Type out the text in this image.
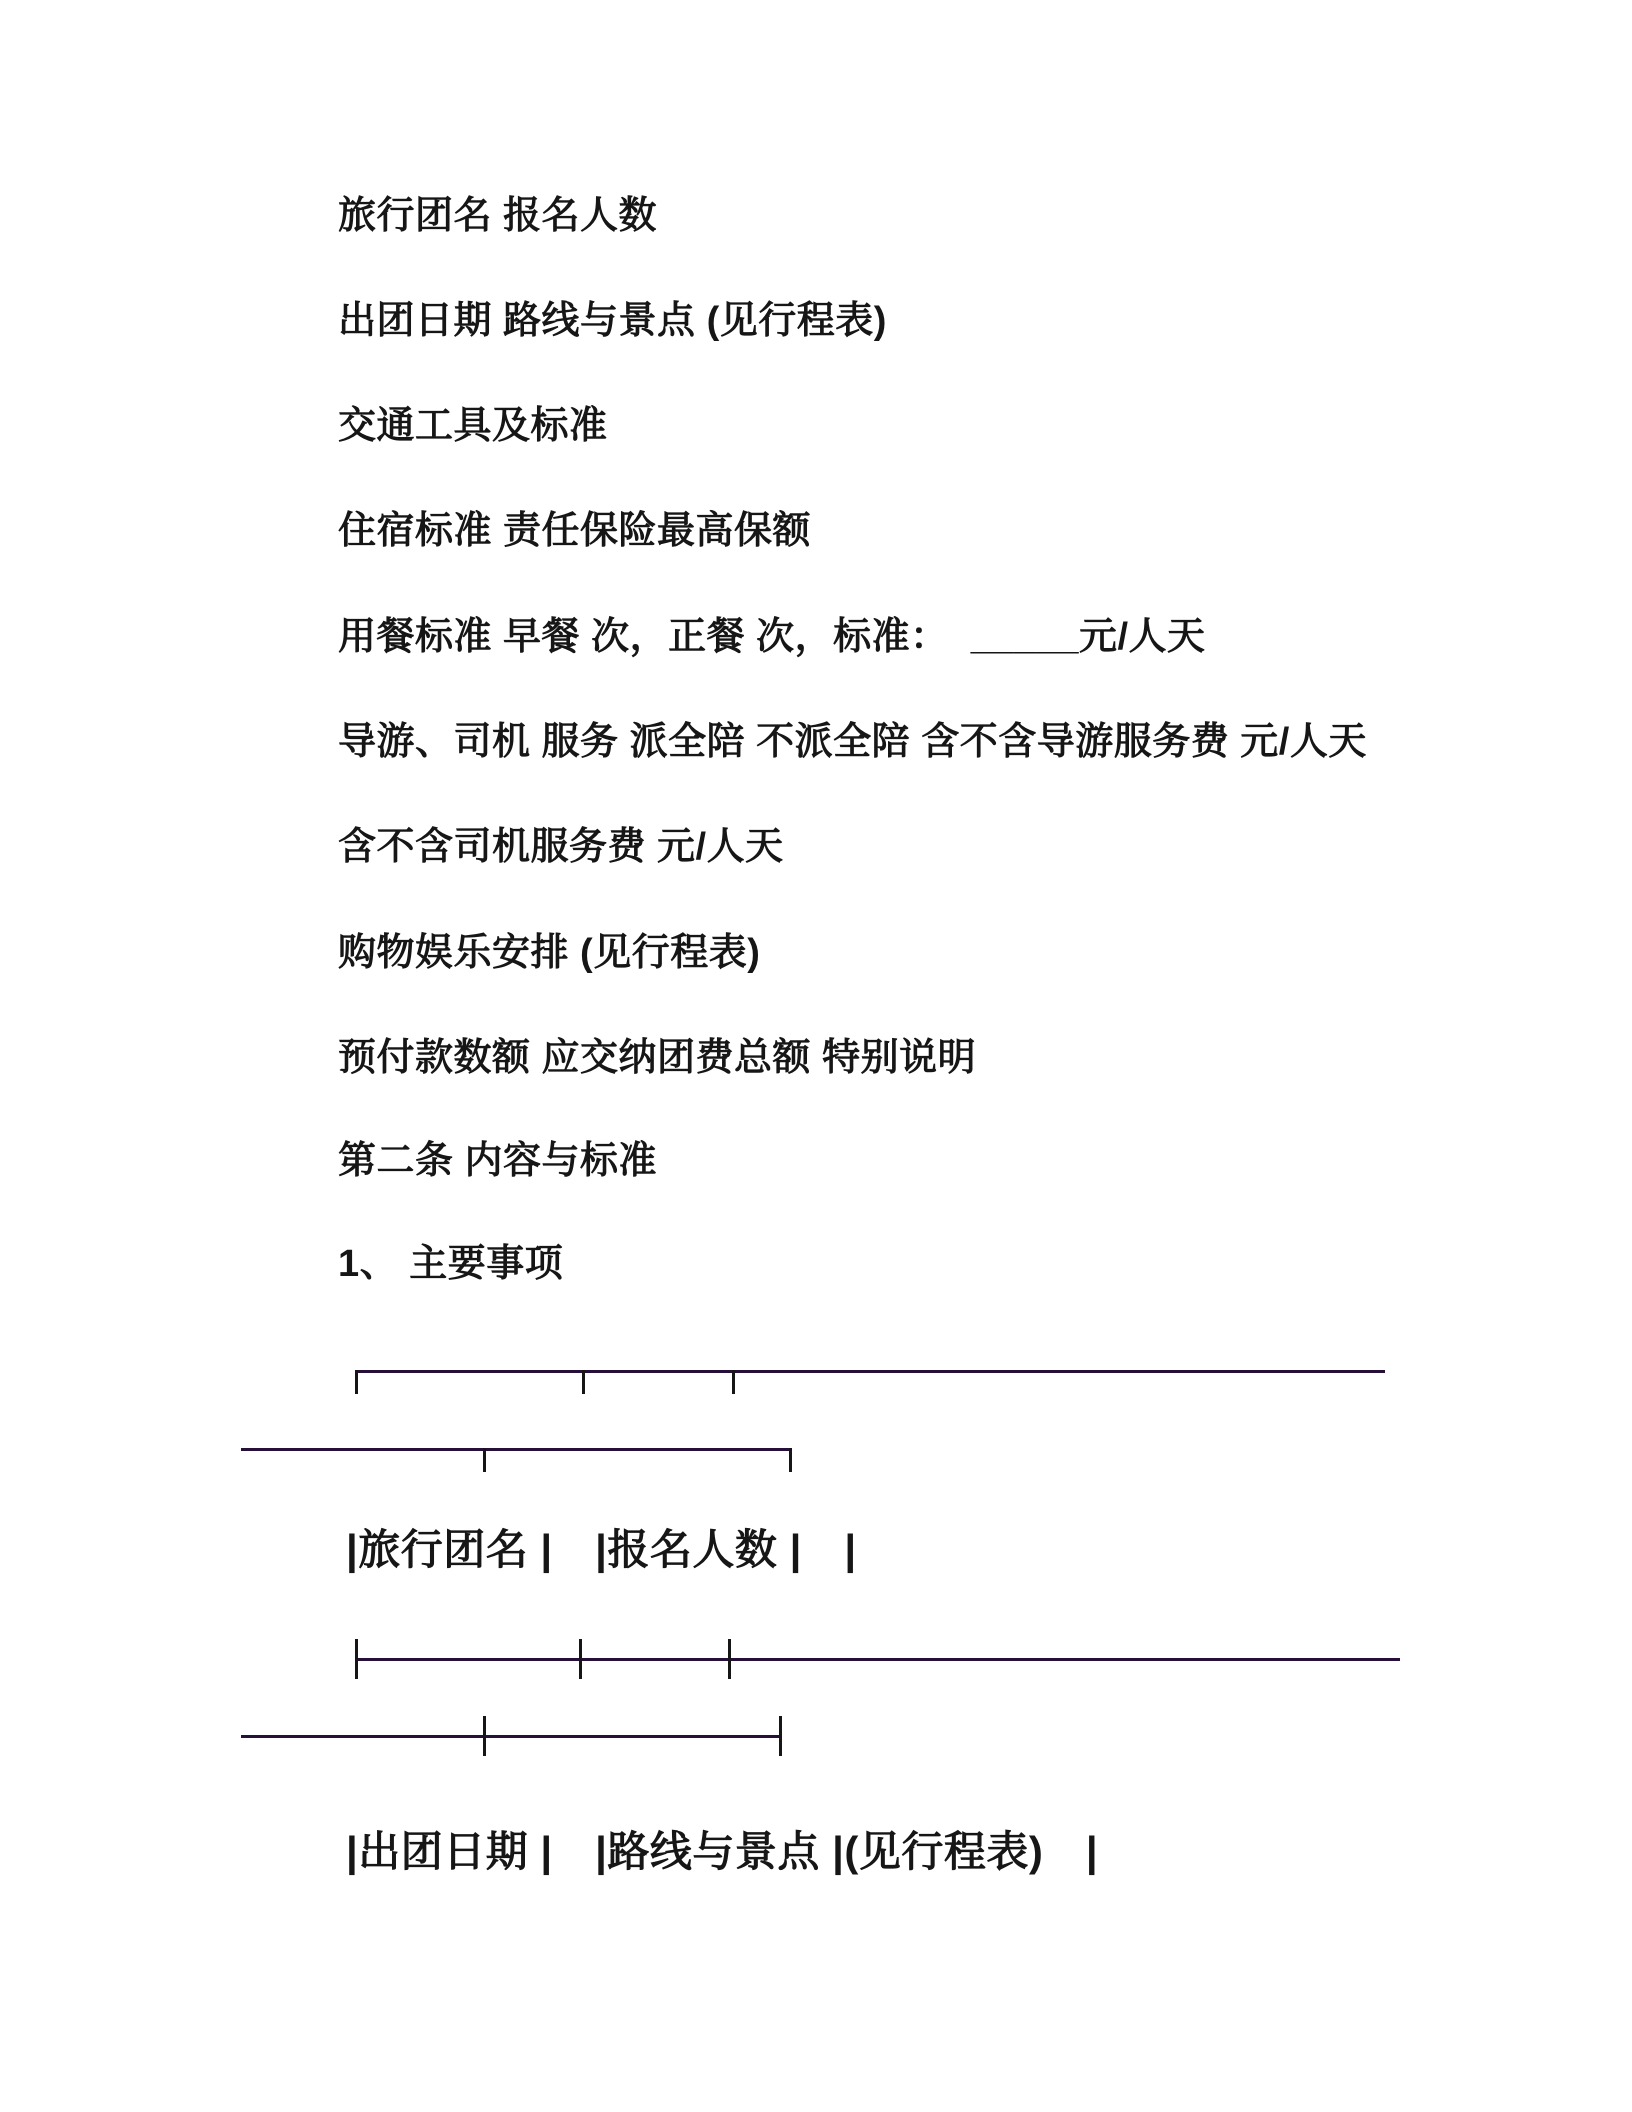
旅行团名 报名人数
出团日期 路线与景点 (见行程表)
交通工具及标准
住宿标准 责任保险最高保额
用餐标准 早餐 次，正餐 次，标准：  _____元/人天
导游、司机 服务 派全陪 不派全陪 含不含导游服务费 元/人天
含不含司机服务费 元/人天
购物娱乐安排 (见行程表)
预付款数额 应交纳团费总额 特别说明
第二条 内容与标准
1、 主要事项
|旅行团名 |　|报名人数 |　|
|出团日期 |　|路线与景点 |(见行程表)　|
